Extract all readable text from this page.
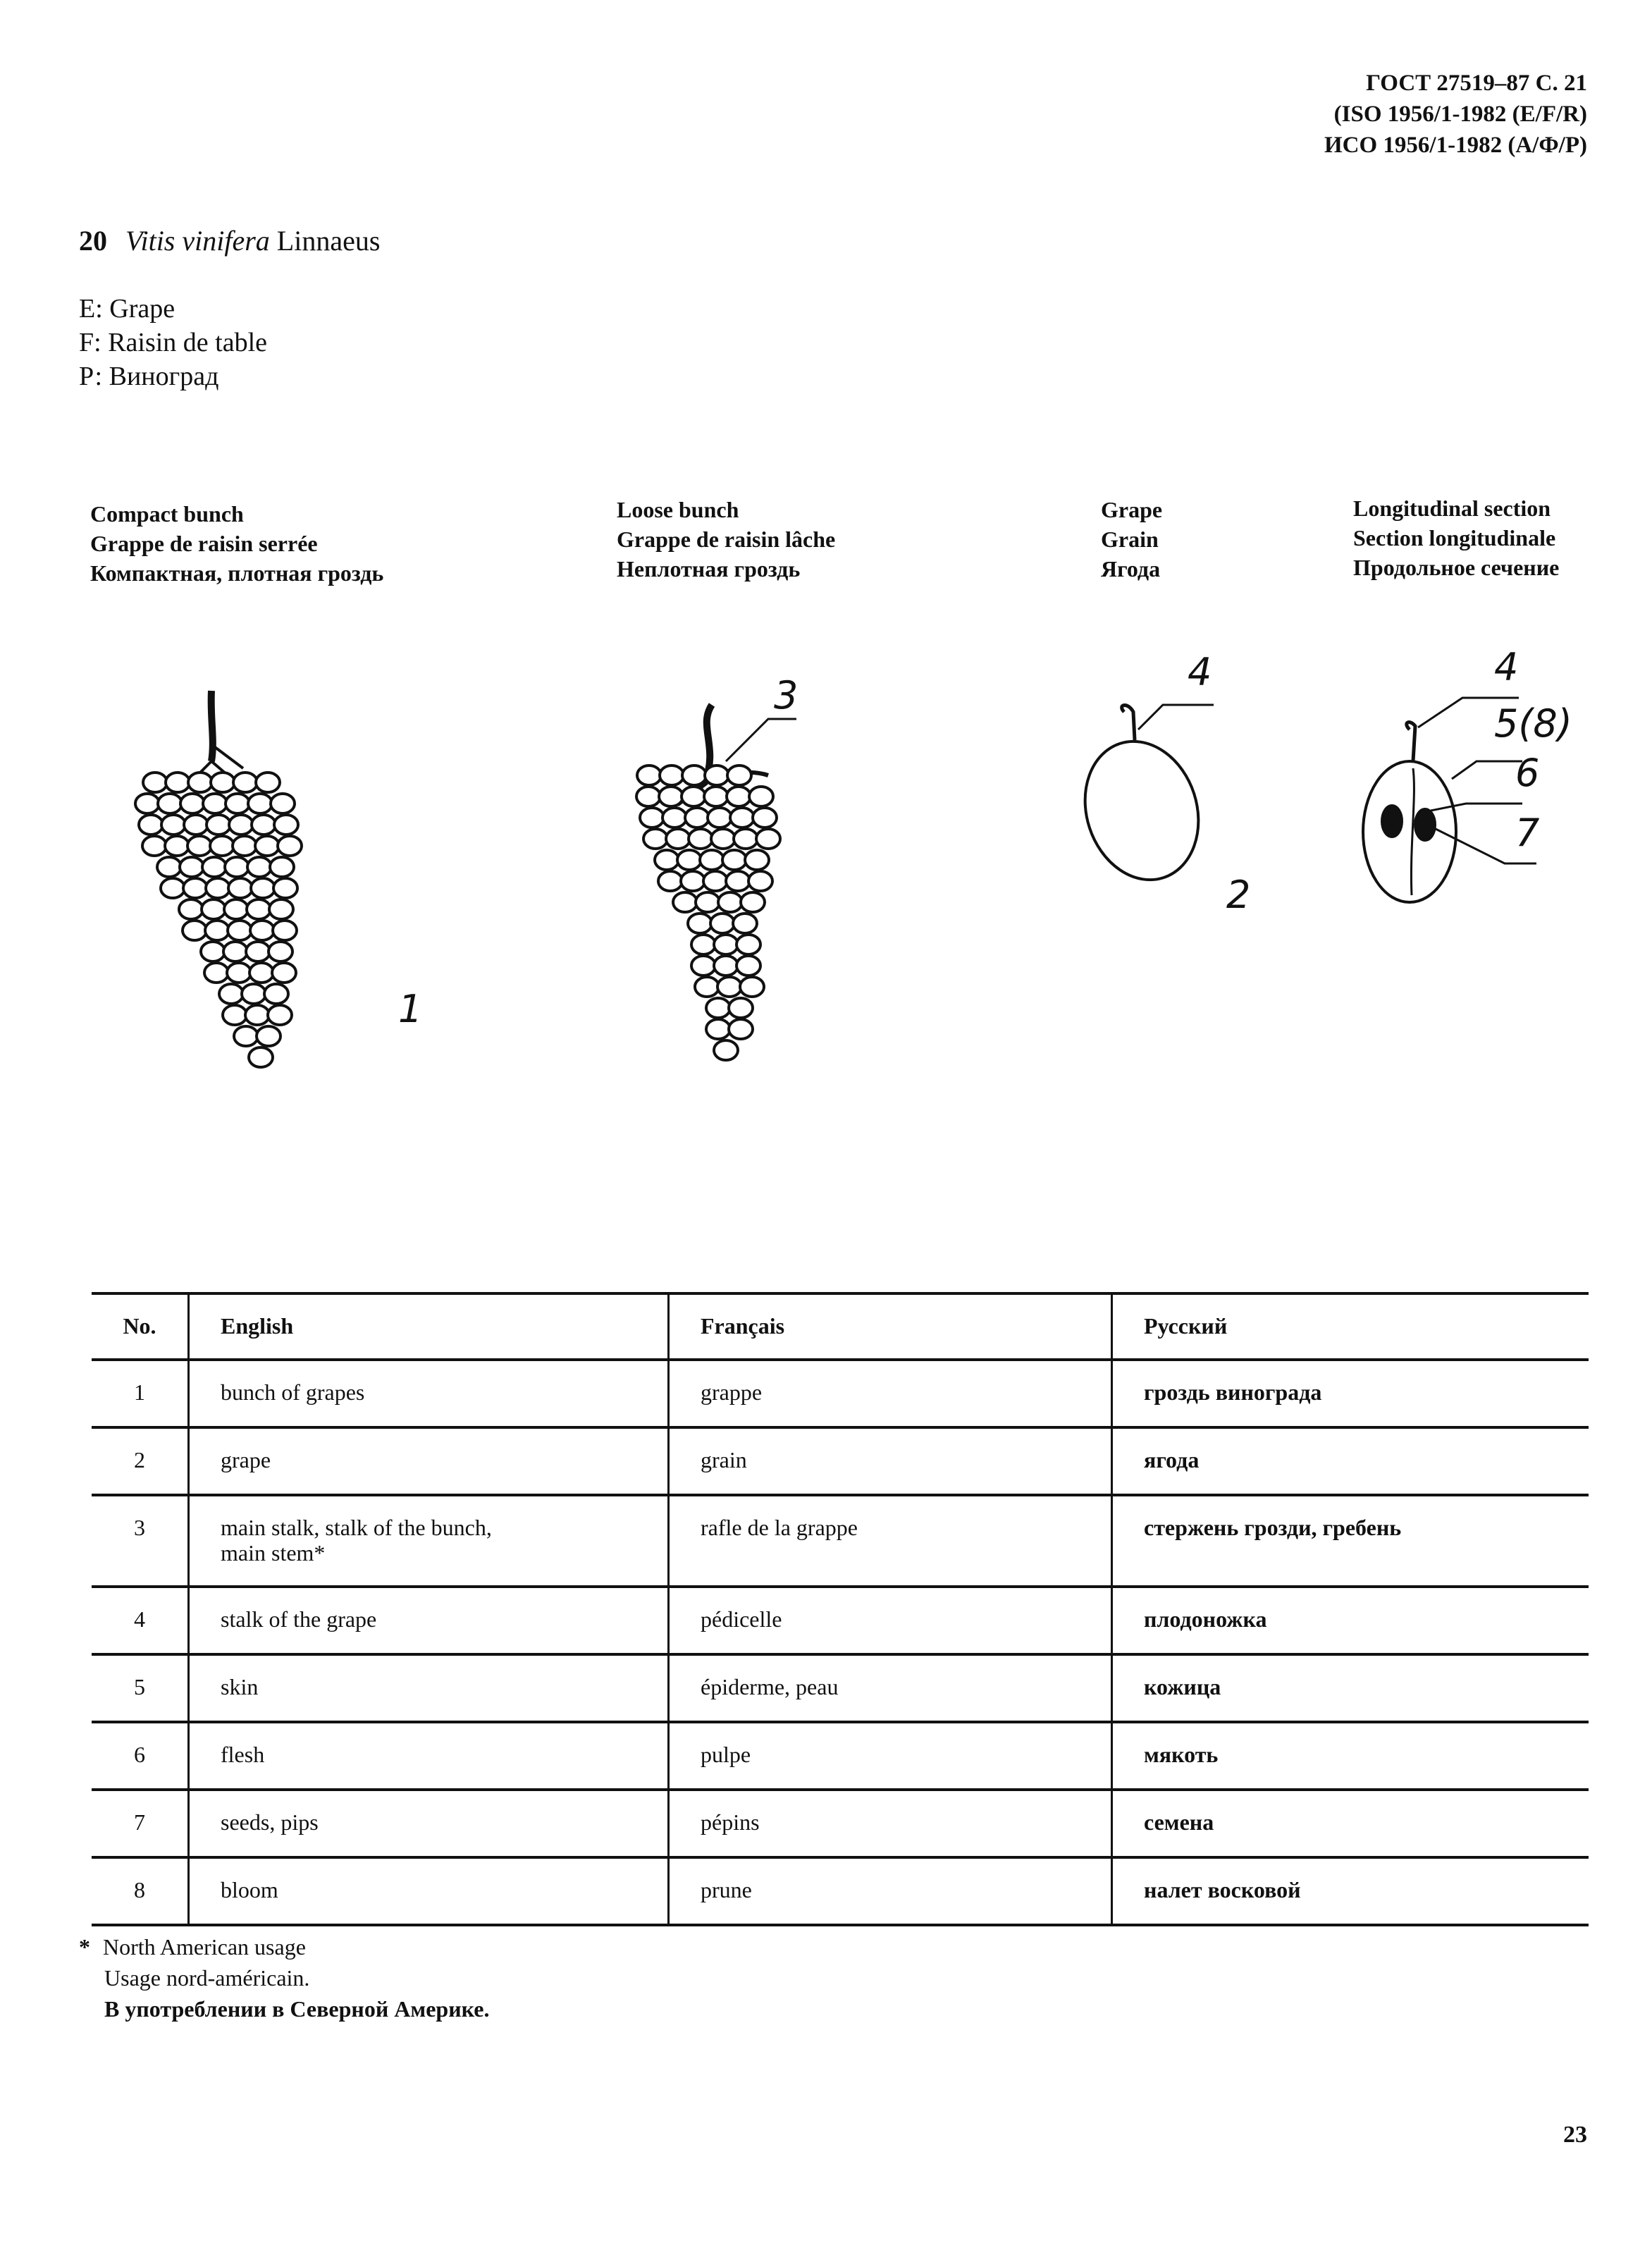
ГОСТ 27519–87 С. 21
(ISO 1956/1-1982 (E/F/R)
ИСО 1956/1-1982 (А/Ф/Р)
20 Vitis vinifera Linnaeus
E: Grape
F: Raisin de table
Р: Виноград
Compact bunch
Grappe de raisin serrée
Компактная, плотная гроздь
Loose bunch
Grappe de raisin lâche
Неплотная гроздь
Grape
Grain
Ягода
Longitudinal section
Section longitudinale
Продольное сечение
1
3
4
2
4
5(8)
6
7
No.	English	Français	Русский
1	bunch of grapes	grappe	гроздь винограда
2	grape	grain	ягода
3	main stalk, stalk of the bunch, main stem*	rafle de la grappe	стержень грозди, гребень
4	stalk of the grape	pédicelle	плодоножка
5	skin	épiderme, peau	кожица
6	flesh	pulpe	мякоть
7	seeds, pips	pépins	семена
8	bloom	prune	налет восковой
* North American usage
Usage nord-américain.
В употреблении в Северной Америке.
23
